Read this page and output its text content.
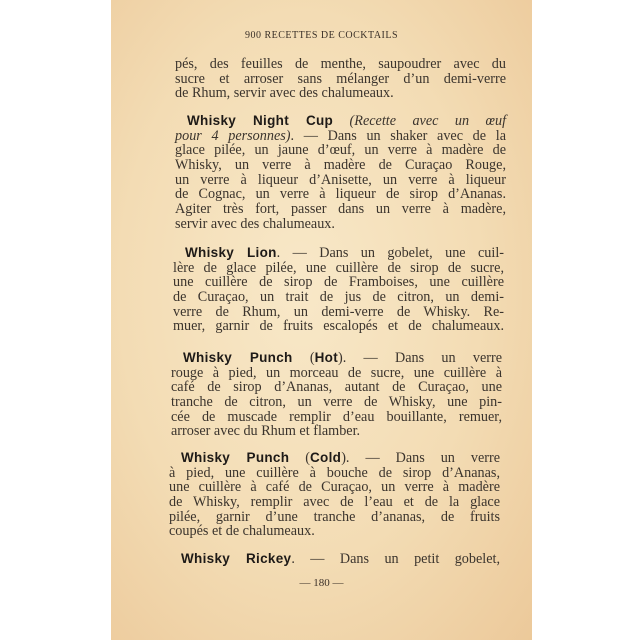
900 RECETTES DE COCKTAILS
pés, des feuilles de menthe, saupoudrer avec du
sucre et arroser sans mélanger d’un demi-verre
de Rhum, servir avec des chalumeaux.
Whisky Night Cup (Recette avec un œuf
pour 4 personnes). — Dans un shaker avec de la
glace pilée, un jaune d’œuf, un verre à madère de
Whisky, un verre à madère de Curaçao Rouge,
un verre à liqueur d’Anisette, un verre à liqueur
de Cognac, un verre à liqueur de sirop d’Ananas.
Agiter très fort, passer dans un verre à madère,
servir avec des chalumeaux.
Whisky Lion. — Dans un gobelet, une cuil-
lère de glace pilée, une cuillère de sirop de sucre,
une cuillère de sirop de Framboises, une cuillère
de Curaçao, un trait de jus de citron, un demi-
verre de Rhum, un demi-verre de Whisky. Re-
muer, garnir de fruits escalopés et de chalumeaux.
Whisky Punch (Hot). — Dans un verre
rouge à pied, un morceau de sucre, une cuillère à
café de sirop d’Ananas, autant de Curaçao, une
tranche de citron, un verre de Whisky, une pin-
cée de muscade remplir d’eau bouillante, remuer,
arroser avec du Rhum et flamber.
Whisky Punch (Cold). — Dans un verre
à pied, une cuillère à bouche de sirop d’Ananas,
une cuillère à café de Curaçao, un verre à madère
de Whisky, remplir avec de l’eau et de la glace
pilée, garnir d’une tranche d’ananas, de fruits
coupés et de chalumeaux.
Whisky Rickey. — Dans un petit gobelet,
— 180 —
